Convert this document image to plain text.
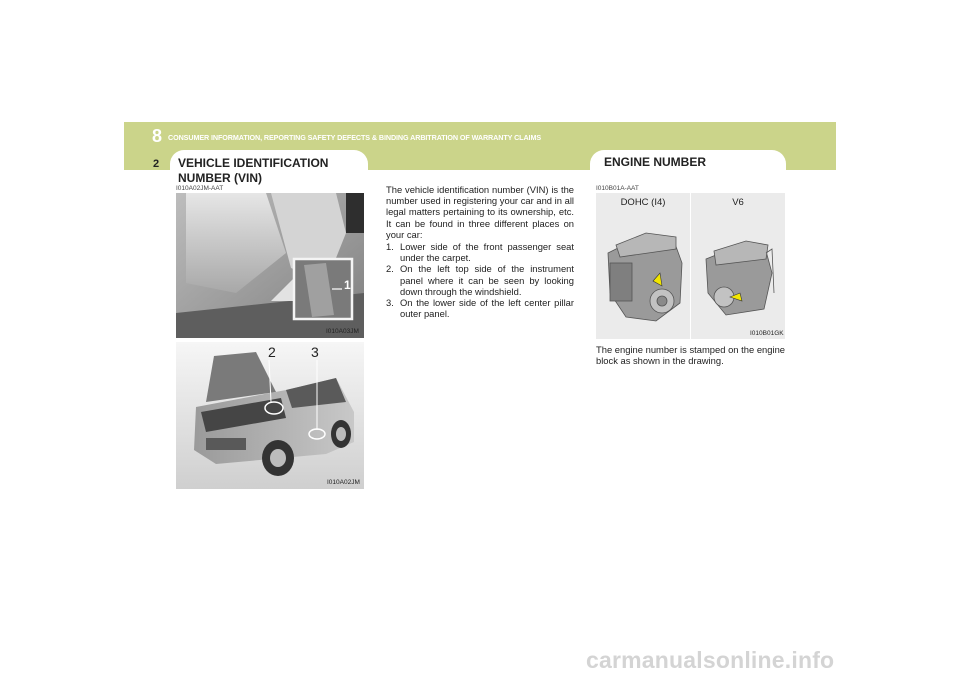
8 CONSUMER INFORMATION, REPORTING SAFETY DEFECTS & BINDING ARBITRATION OF WARRANTY CLAIMS
2 VEHICLE IDENTIFICATION
NUMBER (VIN)
I010A02JM-AAT
1
I010A03JM
2	3
I010A02JM
The vehicle identification number (VIN) is the number used in registering your car and in all legal matters pertaining to its ownership, etc. It can be found in three different places on your car:
1. Lower side of the front passenger seat under the carpet.
2. On the left top side of the instrument panel where it can be seen by looking down through the windshield.
3. On the lower side of the left center pillar outer panel.
ENGINE NUMBER
I010B01A-AAT
DOHC (I4)	V6
I010B01GK
The engine number is stamped on the engine block as shown in the drawing.
carmanualsonline.info
